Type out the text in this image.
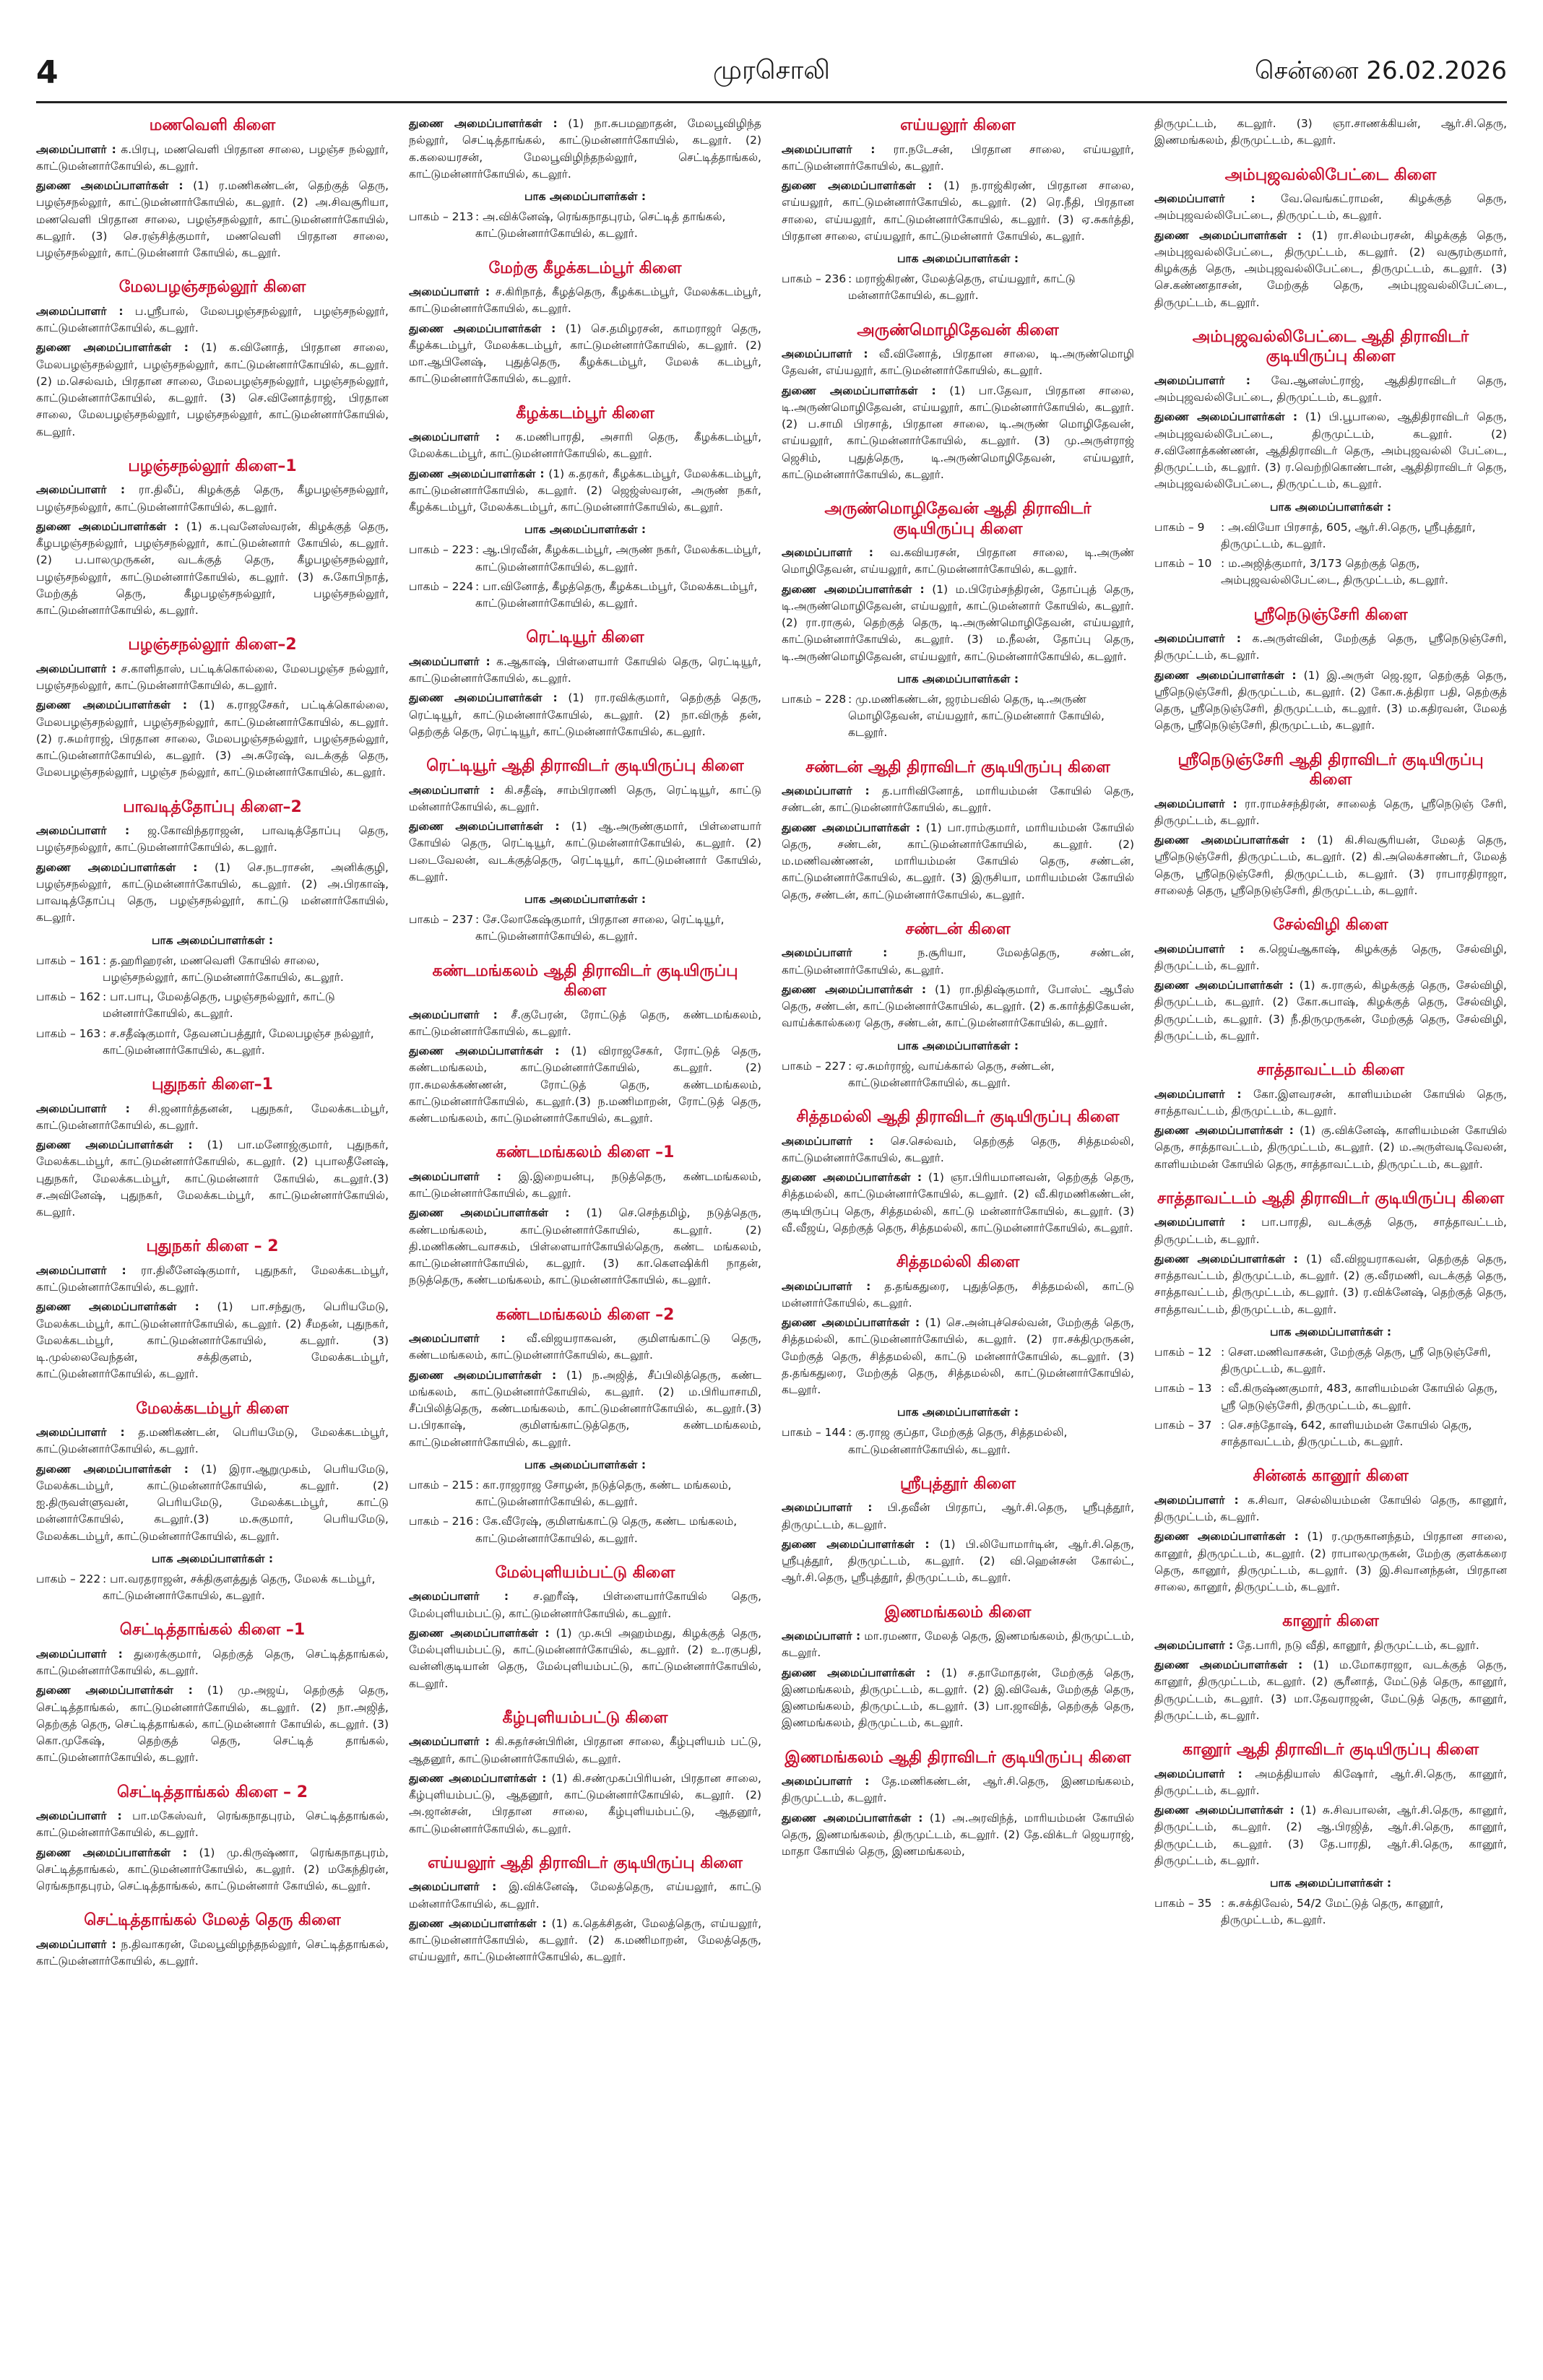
4	முரசொலி	சென்னை 26.02.2026
மணவெளி கிளை
அமைப்பாளர் : க.பிரபு, மணவெளி பிரதான சாலை, பழஞ்ச நல்லூர், காட்டுமன்னார்கோயில், கடலூர்.
துணை அமைப்பாளர்கள் : (1) ர.மணிகண்டன், தெற்குத் தெரு, பழஞ்சநல்லூர், காட்டுமன்னார்கோயில், கடலூர். (2) அ.சிவசூரியா, மணவெளி பிரதான சாலை, பழஞ்சநல்லூர், காட்டுமன்னார்கோயில், கடலூர். (3) செ.ரஞ்சித்குமார், மணவெளி பிரதான சாலை, பழஞ்சநல்லூர், காட்டுமன்னார் கோயில், கடலூர்.
மேலபழஞ்சநல்லூர் கிளை
அமைப்பாளர் : ப.ஸ்ரீபால், மேலபழஞ்சநல்லூர், பழஞ்சநல்லூர், காட்டுமன்னார்கோயில், கடலூர்.
துணை அமைப்பாளர்கள் : (1) க.வினோத், பிரதான சாலை, மேலபழஞ்சநல்லூர், பழஞ்சநல்லூர், காட்டுமன்னார்கோயில், கடலூர். (2) ம.செல்வம், பிரதான சாலை, மேலபழஞ்சநல்லூர், பழஞ்சநல்லூர், காட்டுமன்னார்கோயில், கடலூர். (3) செ.வினோத்ராஜ், பிரதான சாலை, மேலபழஞ்சநல்லூர், பழஞ்சநல்லூர், காட்டுமன்னார்கோயில், கடலூர்.
பழஞ்சநல்லூர் கிளை–1
அமைப்பாளர் : ரா.திலீப், கிழக்குத் தெரு, கீழபழஞ்சநல்லூர், பழஞ்சநல்லூர், காட்டுமன்னார்கோயில், கடலூர்.
துணை அமைப்பாளர்கள் : (1) க.புவனேஸ்வரன், கிழக்குத் தெரு, கீழபழஞ்சநல்லூர், பழஞ்சநல்லூர், காட்டுமன்னார் கோயில், கடலூர். (2) ப.பாலமுருகன், வடக்குத் தெரு, கீழபழஞ்சநல்லூர், பழஞ்சநல்லூர், காட்டுமன்னார்கோயில், கடலூர். (3) சு.கோபிநாத், மேற்குத் தெரு, கீழபழஞ்சநல்லூர், பழஞ்சநல்லூர், காட்டுமன்னார்கோயில், கடலூர்.
பழஞ்சநல்லூர் கிளை–2
அமைப்பாளர் : ச.காளிதாஸ், பட்டிக்கொல்லை, மேலபழஞ்ச நல்லூர், பழஞ்சநல்லூர், காட்டுமன்னார்கோயில், கடலூர்.
துணை அமைப்பாளர்கள் : (1) க.ராஜசேகர், பட்டிக்கொல்லை, மேலபழஞ்சநல்லூர், பழஞ்சநல்லூர், காட்டுமன்னார்கோயில், கடலூர். (2) ர.சுமர்ராஜ், பிரதான சாலை, மேலபழஞ்சநல்லூர், பழஞ்சநல்லூர், காட்டுமன்னார்கோயில், கடலூர். (3) அ.சுரேஷ், வடக்குத் தெரு, மேலபழஞ்சநல்லூர், பழஞ்ச நல்லூர், காட்டுமன்னார்கோயில், கடலூர்.
பாவடித்தோப்பு கிளை–2
அமைப்பாளர் : ஜ.கோவிந்தராஜன், பாவடித்தோப்பு தெரு, பழஞ்சநல்லூர், காட்டுமன்னார்கோயில், கடலூர்.
துணை அமைப்பாளர்கள் : (1) செ.நடராசன், அனிக்குழி, பழஞ்சநல்லூர், காட்டுமன்னார்கோயில், கடலூர். (2) அ.பிரகாஷ், பாவடித்தோப்பு தெரு, பழஞ்சநல்லூர், காட்டு மன்னார்கோயில், கடலூர்.
பாக அமைப்பாளர்கள் :
பாகம் – 161 : த.ஹரிஹரன், மணவெளி கோயில் சாலை, பழஞ்சநல்லூர், காட்டுமன்னார்கோயில், கடலூர்.
பாகம் – 162 : பா.பாபு, மேலத்தெரு, பழஞ்சநல்லூர், காட்டு மன்னார்கோயில், கடலூர்.
பாகம் – 163 : ச.சதீஷ்குமார், தேவனப்பத்தூர், மேலபழஞ்ச நல்லூர், காட்டுமன்னார்கோயில், கடலூர்.
புதுநகர் கிளை–1
அமைப்பாளர் : சி.ஜனார்த்தனன், புதுநகர், மேலக்கடம்பூர், காட்டுமன்னார்கோயில், கடலூர்.
துணை அமைப்பாளர்கள் : (1) பா.மனோஜ்குமார், புதுநகர், மேலக்கடம்பூர், காட்டுமன்னார்கோயில், கடலூர். (2) புபாலதீனேஷ், புதுநகர், மேலக்கடம்பூர், காட்டுமன்னார் கோயில், கடலூர்.(3) ச.அவினேஷ், புதுநகர், மேலக்கடம்பூர், காட்டுமன்னார்கோயில், கடலூர்.
புதுநகர் கிளை – 2
அமைப்பாளர் : ரா.திலீனேஷ்குமார், புதுநகர், மேலக்கடம்பூர், காட்டுமன்னார்கோயில், கடலூர்.
துணை அமைப்பாளர்கள் : (1) பா.சந்துரு, பெரியமேடு, மேலக்கடம்பூர், காட்டுமன்னார்கோயில், கடலூர். (2) சீமதன், புதுநகர், மேலக்கடம்பூர், காட்டுமன்னார்கோயில், கடலூர். (3) டி.முல்லைவேந்தன், சக்திகுளம், மேலக்கடம்பூர், காட்டுமன்னார்கோயில், கடலூர்.
மேலக்கடம்பூர் கிளை
அமைப்பாளர் : த.மணிகண்டன், பெரியமேடு, மேலக்கடம்பூர், காட்டுமன்னார்கோயில், கடலூர்.
துணை அமைப்பாளர்கள் : (1) இரா.ஆறுமுகம், பெரியமேடு, மேலக்கடம்பூர், காட்டுமன்னார்கோயில், கடலூர். (2) ஐ.திருவள்ளுவன், பெரியமேடு, மேலக்கடம்பூர், காட்டு மன்னார்கோயில், கடலூர்.(3) ம.சுகுமார், பெரியமேடு, மேலக்கடம்பூர், காட்டுமன்னார்கோயில், கடலூர்.
பாக அமைப்பாளர்கள் :
பாகம் – 222 : பா.வரதராஜன், சக்திகுளத்துத் தெரு, மேலக் கடம்பூர், காட்டுமன்னார்கோயில், கடலூர்.
செட்டித்தாங்கல் கிளை –1
அமைப்பாளர் : துரைக்குமார், தெற்குத் தெரு, செட்டித்தாங்கல், காட்டுமன்னார்கோயில், கடலூர்.
துணை அமைப்பாளர்கள் : (1) மு.அஜய், தெற்குத் தெரு, செட்டித்தாங்கல், காட்டுமன்னார்கோயில், கடலூர். (2) நா.அஜித், தெற்குத் தெரு, செட்டித்தாங்கல், காட்டுமன்னார் கோயில், கடலூர். (3) கொ.முகேஷ், தெற்குத் தெரு, செட்டித் தாங்கல், காட்டுமன்னார்கோயில், கடலூர்.
செட்டித்தாங்கல் கிளை – 2
அமைப்பாளர் : பா.மகேஸ்வர், ரெங்கநாதபுரம், செட்டித்தாங்கல், காட்டுமன்னார்கோயில், கடலூர்.
துணை அமைப்பாளர்கள் : (1) மு.கிருஷ்ணா, ரெங்கநாதபுரம், செட்டித்தாங்கல், காட்டுமன்னார்கோயில், கடலூர். (2) மகேந்திரன், ரெங்கநாதபுரம், செட்டித்தாங்கல், காட்டுமன்னார் கோயில், கடலூர்.
செட்டித்தாங்கல் மேலத் தெரு கிளை
அமைப்பாளர் : ந.திவாகரன், மேலபூவிழந்தநல்லூர், செட்டித்தாங்கல், காட்டுமன்னார்கோயில், கடலூர்.
துணை அமைப்பாளர்கள் : (1) நா.சுபமஹாதன், மேலபூவிழிந்த நல்லூர், செட்டித்தாங்கல், காட்டுமன்னார்கோயில், கடலூர். (2) க.கலையரசன், மேலபூவிழிந்தநல்லூர், செட்டித்தாங்கல், காட்டுமன்னார்கோயில், கடலூர்.
பாக அமைப்பாளர்கள் :
பாகம் – 213 : அ.விக்னேஷ், ரெங்கநாதபுரம், செட்டித் தாங்கல், காட்டுமன்னார்கோயில், கடலூர்.
மேற்கு கீழக்கடம்பூர் கிளை
அமைப்பாளர் : ச.கிரிநாத், கீழத்தெரு, கீழக்கடம்பூர், மேலக்கடம்பூர், காட்டுமன்னார்கோயில், கடலூர்.
துணை அமைப்பாளர்கள் : (1) செ.தமிழரசன், காமராஜர் தெரு, கீழக்கடம்பூர், மேலக்கடம்பூர், காட்டுமன்னார்கோயில், கடலூர். (2) மா.ஆபினேஷ், புதுத்தெரு, கீழக்கடம்பூர், மேலக் கடம்பூர், காட்டுமன்னார்கோயில், கடலூர்.
கீழக்கடம்பூர் கிளை
அமைப்பாளர் : க.மணிபாரதி, அசாரி தெரு, கீழக்கடம்பூர், மேலக்கடம்பூர், காட்டுமன்னார்கோயில், கடலூர்.
துணை அமைப்பாளர்கள் : (1) க.தரகர், கீழக்கடம்பூர், மேலக்கடம்பூர், காட்டுமன்னார்கோயில், கடலூர். (2) ஜெஜ்ஸ்வரன், அருண் நகர், கீழக்கடம்பூர், மேலக்கடம்பூர், காட்டுமன்னார்கோயில், கடலூர்.
பாக அமைப்பாளர்கள் :
பாகம் – 223 : ஆ.பிரவீன், கீழக்கடம்பூர், அருண் நகர், மேலக்கடம்பூர், காட்டுமன்னார்கோயில், கடலூர்.
பாகம் – 224 : பா.வினோத், கீழத்தெரு, கீழக்கடம்பூர், மேலக்கடம்பூர், காட்டுமன்னார்கோயில், கடலூர்.
ரெட்டியூர் கிளை
அமைப்பாளர் : க.ஆகாஷ், பிள்ளையார் கோயில் தெரு, ரெட்டியூர், காட்டுமன்னார்கோயில், கடலூர்.
துணை அமைப்பாளர்கள் : (1) ரா.ரவிக்குமார், தெற்குத் தெரு, ரெட்டியூர், காட்டுமன்னார்கோயில், கடலூர். (2) நா.விருத் தன், தெற்குத் தெரு, ரெட்டியூர், காட்டுமன்னார்கோயில், கடலூர்.
ரெட்டியூர் ஆதி திராவிடர் குடியிருப்பு கிளை
அமைப்பாளர் : கி.சதீஷ், சாம்பிராணி தெரு, ரெட்டியூர், காட்டு மன்னார்கோயில், கடலூர்.
துணை அமைப்பாளர்கள் : (1) ஆ.அருண்குமார், பிள்ளையார் கோயில் தெரு, ரெட்டியூர், காட்டுமன்னார்கோயில், கடலூர். (2) படைவேலன், வடக்குத்தெரு, ரெட்டியூர், காட்டுமன்னார் கோயில், கடலூர்.
பாக அமைப்பாளர்கள் :
பாகம் – 237 : சே.லோகேஷ்குமார், பிரதான சாலை, ரெட்டியூர், காட்டுமன்னார்கோயில், கடலூர்.
கண்டமங்கலம் ஆதி திராவிடர் குடியிருப்பு கிளை
அமைப்பாளர் : சீ.குபேரன், ரோட்டுத் தெரு, கண்டமங்கலம், காட்டுமன்னார்கோயில், கடலூர்.
துணை அமைப்பாளர்கள் : (1) விராஜசேகர், ரோட்டுத் தெரு, கண்டமங்கலம், காட்டுமன்னார்கோயில், கடலூர். (2) ரா.சுமலக்கண்ணன், ரோட்டுத் தெரு, கண்டமங்கலம், காட்டுமன்னார்கோயில், கடலூர்.(3) ந.மணிமாறன், ரோட்டுத் தெரு, கண்டமங்கலம், காட்டுமன்னார்கோயில், கடலூர்.
கண்டமங்கலம் கிளை –1
அமைப்பாளர் : இ.இறையன்பு, நடுத்தெரு, கண்டமங்கலம், காட்டுமன்னார்கோயில், கடலூர்.
துணை அமைப்பாளர்கள் : (1) செ.செந்தமிழ், நடுத்தெரு, கண்டமங்கலம், காட்டுமன்னார்கோயில், கடலூர். (2) தி.மணிகண்டவாசகம், பிள்ளையார்கோயில்தெரு, கண்ட மங்கலம், காட்டுமன்னார்கோயில், கடலூர். (3) கா.கௌஷிக்ரி நாதன், நடுத்தெரு, கண்டமங்கலம், காட்டுமன்னார்கோயில், கடலூர்.
கண்டமங்கலம் கிளை –2
அமைப்பாளர் : வீ.விஜயராகவன், குமிளங்காட்டு தெரு, கண்டமங்கலம், காட்டுமன்னார்கோயில், கடலூர்.
துணை அமைப்பாளர்கள் : (1) ந.அஜித், சீப்பிலித்தெரு, கண்ட மங்கலம், காட்டுமன்னார்கோயில், கடலூர். (2) ம.பிரியாசாமி, சீப்பிலித்தெரு, கண்டமங்கலம், காட்டுமன்னார்கோயில், கடலூர்.(3) ப.பிரகாஷ், குமிளங்காட்டுத்தெரு, கண்டமங்கலம், காட்டுமன்னார்கோயில், கடலூர்.
பாக அமைப்பாளர்கள் :
பாகம் – 215 : கா.ராஜராஜ சோழன், நடுத்தெரு, கண்ட மங்கலம், காட்டுமன்னார்கோயில், கடலூர்.
பாகம் – 216 : கே.வீரேஷ், குமிளங்காட்டு தெரு, கண்ட மங்கலம், காட்டுமன்னார்கோயில், கடலூர்.
மேல்புளியம்பட்டு கிளை
அமைப்பாளர் : ச.ஹரீஷ், பிள்ளையார்கோயில் தெரு, மேல்புளியம்பட்டு, காட்டுமன்னார்கோயில், கடலூர்.
துணை அமைப்பாளர்கள் : (1) மு.சுபி அஹம்மது, கிழக்குத் தெரு, மேல்புளியம்பட்டு, காட்டுமன்னார்கோயில், கடலூர். (2) உ.ரகுபதி, வன்னிகுடியான் தெரு, மேல்புளியம்பட்டு, காட்டுமன்னார்கோயில், கடலூர்.
கீழ்புளியம்பட்டு கிளை
அமைப்பாளர் : கி.சுதர்சன்பிரின், பிரதான சாலை, கீழ்புளியம் பட்டு, ஆதனூர், காட்டுமன்னார்கோயில், கடலூர்.
துணை அமைப்பாளர்கள் : (1) கி.சண்முகப்பிரியன், பிரதான சாலை, கீழ்புளியம்பட்டு, ஆதனூர், காட்டுமன்னார்கோயில், கடலூர். (2) அ.ஜான்சன், பிரதான சாலை, கீழ்புளியம்பட்டு, ஆதனூர், காட்டுமன்னார்கோயில், கடலூர்.
எய்யலூர் ஆதி திராவிடர் குடியிருப்பு கிளை
அமைப்பாளர் : இ.விக்னேஷ், மேலத்தெரு, எய்யலூர், காட்டு மன்னார்கோயில், கடலூர்.
துணை அமைப்பாளர்கள் : (1) க.தெக்சிதன், மேலத்தெரு, எய்யலூர், காட்டுமன்னார்கோயில், கடலூர். (2) க.மணிமாறன், மேலத்தெரு, எய்யலூர், காட்டுமன்னார்கோயில், கடலூர்.
எய்யலூர் கிளை
அமைப்பாளர் : ரா.நடேசன், பிரதான சாலை, எய்யலூர், காட்டுமன்னார்கோயில், கடலூர்.
துணை அமைப்பாளர்கள் : (1) ந.ராஜ்கிரண், பிரதான சாலை, எய்யலூர், காட்டுமன்னார்கோயில், கடலூர். (2) ரெ.நீதி, பிரதான சாலை, எய்யலூர், காட்டுமன்னார்கோயில், கடலூர். (3) ஏ.சுகர்த்தி, பிரதான சாலை, எய்யலூர், காட்டுமன்னார் கோயில், கடலூர்.
பாக அமைப்பாளர்கள் :
பாகம் – 236 : மராஜ்கிரண், மேலத்தெரு, எய்யலூர், காட்டு மன்னார்கோயில், கடலூர்.
அருண்மொழிதேவன் கிளை
அமைப்பாளர் : வீ.வினோத், பிரதான சாலை, டி.அருண்மொழி தேவன், எய்யலூர், காட்டுமன்னார்கோயில், கடலூர்.
துணை அமைப்பாளர்கள் : (1) பா.தேவா, பிரதான சாலை, டி.அருண்மொழிதேவன், எய்யலூர், காட்டுமன்னார்கோயில், கடலூர். (2) ப.சாமி பிரசாத், பிரதான சாலை, டி.அருண் மொழிதேவன், எய்யலூர், காட்டுமன்னார்கோயில், கடலூர். (3) மு.அருள்ராஜ் ஜெசிம், புதுத்தெரு, டி.அருண்மொழிதேவன், எய்யலூர், காட்டுமன்னார்கோயில், கடலூர்.
அருண்மொழிதேவன் ஆதி திராவிடர் குடியிருப்பு கிளை
அமைப்பாளர் : வ.கவியரசன், பிரதான சாலை, டி.அருண் மொழிதேவன், எய்யலூர், காட்டுமன்னார்கோயில், கடலூர்.
துணை அமைப்பாளர்கள் : (1) ம.பிரேம்சந்திரன், தோப்புத் தெரு, டி.அருண்மொழிதேவன், எய்யலூர், காட்டுமன்னார் கோயில், கடலூர். (2) ரா.ராகுல், தெற்குத் தெரு, டி.அருண்மொழிதேவன், எய்யலூர், காட்டுமன்னார்கோயில், கடலூர். (3) ம.நீலன், தோப்பு தெரு, டி.அருண்மொழிதேவன், எய்யலூர், காட்டுமன்னார்கோயில், கடலூர்.
பாக அமைப்பாளர்கள் :
பாகம் – 228 : மு.மணிகண்டன், ஜரம்பவில் தெரு, டி.அருண் மொழிதேவன், எய்யலூர், காட்டுமன்னார் கோயில், கடலூர்.
சண்டன் ஆதி திராவிடர் குடியிருப்பு கிளை
அமைப்பாளர் : த.பாரிவினோத், மாரியம்மன் கோயில் தெரு, சண்டன், காட்டுமன்னார்கோயில், கடலூர்.
துணை அமைப்பாளர்கள் : (1) பா.ராம்குமார், மாரியம்மன் கோயில் தெரு, சண்டன், காட்டுமன்னார்கோயில், கடலூர். (2) ம.மணிவண்ணன், மாரியம்மன் கோயில் தெரு, சண்டன், காட்டுமன்னார்கோயில், கடலூர். (3) இருசியா, மாரியம்மன் கோயில் தெரு, சண்டன், காட்டுமன்னார்கோயில், கடலூர்.
சண்டன் கிளை
அமைப்பாளர் :	ந.சூரியா, மேலத்தெரு, சண்டன், காட்டுமன்னார்கோயில், கடலூர்.
துணை அமைப்பாளர்கள் : (1) ரா.நிதிஷ்குமார், போஸ்ட் ஆபீஸ் தெரு, சண்டன், காட்டுமன்னார்கோயில், கடலூர். (2) க.கார்த்திகேயன், வாய்க்கால்கரை தெரு, சண்டன், காட்டுமன்னார்கோயில், கடலூர்.
பாக அமைப்பாளர்கள் :
பாகம் – 227 : ஏ.சுமர்ராஜ், வாய்க்கால் தெரு, சண்டன், காட்டுமன்னார்கோயில், கடலூர்.
சித்தமல்லி ஆதி திராவிடர் குடியிருப்பு கிளை
அமைப்பாளர் : செ.செல்வம், தெற்குத் தெரு, சித்தமல்லி, காட்டுமன்னார்கோயில், கடலூர்.
துணை அமைப்பாளர்கள் : (1) ஞா.பிரியமானவன், தெற்குத் தெரு, சித்தமல்லி, காட்டுமன்னார்கோயில், கடலூர். (2) வீ.கிரமணிகண்டன், குடியிருப்பு தெரு, சித்தமல்லி, காட்டு மன்னார்கோயில், கடலூர். (3) வீ.வீஜய், தெற்குத் தெரு, சித்தமல்லி, காட்டுமன்னார்கோயில், கடலூர்.
சித்தமல்லி கிளை
அமைப்பாளர் : த.தங்கதுரை, புதுத்தெரு, சித்தமல்லி, காட்டு மன்னார்கோயில், கடலூர்.
துணை அமைப்பாளர்கள் : (1) செ.அன்புச்செல்வன், மேற்குத் தெரு, சித்தமல்லி, காட்டுமன்னார்கோயில், கடலூர். (2) ரா.சக்திமுருகன், மேற்குத் தெரு, சித்தமல்லி, காட்டு மன்னார்கோயில், கடலூர். (3) த.தங்கதுரை, மேற்குத் தெரு, சித்தமல்லி, காட்டுமன்னார்கோயில், கடலூர்.
பாக அமைப்பாளர்கள் :
பாகம் – 144 : கு.ராஜ குப்தா, மேற்குத் தெரு, சித்தமல்லி, காட்டுமன்னார்கோயில், கடலூர்.
ஸ்ரீபுத்தூர் கிளை
அமைப்பாளர் : பி.தவீன் பிரதாப், ஆர்.சி.தெரு, ஸ்ரீபுத்தூர், திருமுட்டம், கடலூர்.
துணை அமைப்பாளர்கள் : (1) பி.லியோமார்டின், ஆர்.சி.தெரு, ஸ்ரீபுத்தூர், திருமுட்டம், கடலூர். (2) வி.ஹென்சன் கோல்ட், ஆர்.சி.தெரு, ஸ்ரீபுத்தூர், திருமுட்டம், கடலூர்.
இணமங்கலம் கிளை
அமைப்பாளர் : மா.ரமணா, மேலத் தெரு, இணமங்கலம், திருமுட்டம், கடலூர்.
துணை அமைப்பாளர்கள் : (1) ச.தாமோதரன், மேற்குத் தெரு, இணமங்கலம், திருமுட்டம், கடலூர். (2) இ.விவேக், மேற்குத் தெரு, இணமங்கலம், திருமுட்டம், கடலூர். (3) பா.ஜாவித், தெற்குத் தெரு, இணமங்கலம், திருமுட்டம், கடலூர்.
இணமங்கலம் ஆதி திராவிடர் குடியிருப்பு கிளை
அமைப்பாளர் : தே.மணிகண்டன், ஆர்.சி.தெரு, இணமங்கலம், திருமுட்டம், கடலூர்.
துணை அமைப்பாளர்கள் : (1) அ.அரவிந்த், மாரியம்மன் கோயில் தெரு, இணமங்கலம், திருமுட்டம், கடலூர். (2) தே.விக்டர் ஜெயராஜ், மாதா கோயில் தெரு, இணமங்கலம்,
திருமுட்டம், கடலூர். (3) ஞா.சாணக்கியன், ஆர்.சி.தெரு, இணமங்கலம், திருமுட்டம், கடலூர்.
அம்புஜவல்லிபேட்டை கிளை
அமைப்பாளர் : வே.வெங்கட்ராமன், கிழக்குத் தெரு, அம்புஜவல்லிபேட்டை, திருமுட்டம், கடலூர்.
துணை அமைப்பாளர்கள் : (1) ரா.சிலம்பரசன், கிழக்குத் தெரு, அம்புஜவல்லிபேட்டை, திருமுட்டம், கடலூர். (2) வசூரம்குமார், கிழக்குத் தெரு, அம்புஜவல்லிபேட்டை, திருமுட்டம், கடலூர். (3) செ.கண்ணதாசன், மேற்குத் தெரு, அம்புஜவல்லிபேட்டை, திருமுட்டம், கடலூர்.
அம்புஜவல்லிபேட்டை ஆதி திராவிடர் குடியிருப்பு கிளை
அமைப்பாளர் : வே.ஆனஸ்ட்ராஜ், ஆதிதிராவிடர் தெரு, அம்புஜவல்லிபேட்டை, திருமுட்டம், கடலூர்.
துணை அமைப்பாளர்கள் : (1) பி.பூபாலை, ஆதிதிராவிடர் தெரு, அம்புஜவல்லிபேட்டை, திருமுட்டம், கடலூர். (2) ச.வினோத்கண்ணன், ஆதிதிராவிடர் தெரு, அம்புஜவல்லி பேட்டை, திருமுட்டம், கடலூர். (3) ர.வெற்றிகொண்டான், ஆதிதிராவிடர் தெரு, அம்புஜவல்லிபேட்டை, திருமுட்டம், கடலூர்.
பாக அமைப்பாளர்கள் :
பாகம் – 9	: அ.வியோ பிரசாத், 605, ஆர்.சி.தெரு, ஸ்ரீபுத்தூர், திருமுட்டம், கடலூர்.
பாகம் – 10 : ம.அஜித்குமார், 3/173 தெற்குத் தெரு, அம்புஜவல்லிபேட்டை, திருமுட்டம், கடலூர்.
ஸ்ரீநெடுஞ்சேரி கிளை
அமைப்பாளர் : க.அருள்வின், மேற்குத் தெரு, ஸ்ரீநெடுஞ்சேரி, திருமுட்டம், கடலூர்.
துணை அமைப்பாளர்கள் : (1) இ.அருள் ஜெ.ஜா, தெற்குத் தெரு, ஸ்ரீநெடுஞ்சேரி, திருமுட்டம், கடலூர். (2) கோ.சு.த்திரா பதி, தெற்குத் தெரு, ஸ்ரீநெடுஞ்சேரி, திருமுட்டம், கடலூர். (3) ம.கதிரவன், மேலத் தெரு, ஸ்ரீநெடுஞ்சேரி, திருமுட்டம், கடலூர்.
ஸ்ரீநெடுஞ்சேரி ஆதி திராவிடர் குடியிருப்பு கிளை
அமைப்பாளர் : ரா.ராமச்சந்திரன், சாலைத் தெரு, ஸ்ரீநெடுஞ் சேரி, திருமுட்டம், கடலூர்.
துணை அமைப்பாளர்கள் : (1) கி.சிவசூரியன், மேலத் தெரு, ஸ்ரீநெடுஞ்சேரி, திருமுட்டம், கடலூர். (2) கி.அலெக்சாண்டர், மேலத் தெரு, ஸ்ரீநெடுஞ்சேரி, திருமுட்டம், கடலூர். (3) ராபாரதிராஜா, சாலைத் தெரு, ஸ்ரீநெடுஞ்சேரி, திருமுட்டம், கடலூர்.
சேல்விழி கிளை
அமைப்பாளர் : க.ஜெய்ஆகாஷ், கிழக்குத் தெரு, சேல்விழி, திருமுட்டம், கடலூர்.
துணை அமைப்பாளர்கள் : (1) சு.ராகுல், கிழக்குத் தெரு, சேல்விழி, திருமுட்டம், கடலூர். (2) கோ.சுபாஷ், கிழக்குத் தெரு, சேல்விழி, திருமுட்டம், கடலூர். (3) நீ.திருமுருகன், மேற்குத் தெரு, சேல்விழி, திருமுட்டம், கடலூர்.
சாத்தாவட்டம் கிளை
அமைப்பாளர் : கோ.இளவரசன், காளியம்மன் கோயில் தெரு, சாத்தாவட்டம், திருமுட்டம், கடலூர்.
துணை அமைப்பாளர்கள் : (1) கு.விக்னேஷ், காளியம்மன் கோயில் தெரு, சாத்தாவட்டம், திருமுட்டம், கடலூர். (2) ம.அருள்வடிவேலன், காளியம்மன் கோயில் தெரு, சாத்தாவட்டம், திருமுட்டம், கடலூர்.
சாத்தாவட்டம் ஆதி திராவிடர் குடியிருப்பு கிளை
அமைப்பாளர் : பா.பாரதி, வடக்குத் தெரு, சாத்தாவட்டம், திருமுட்டம், கடலூர்.
துணை அமைப்பாளர்கள் : (1) வீ.விஜயராகவன், தெற்குத் தெரு, சாத்தாவட்டம், திருமுட்டம், கடலூர். (2) கு.வீரமணி, வடக்குத் தெரு, சாத்தாவட்டம், திருமுட்டம், கடலூர். (3) ர.விக்னேஷ், தெற்குத் தெரு, சாத்தாவட்டம், திருமுட்டம், கடலூர்.
பாக அமைப்பாளர்கள் :
பாகம் – 12 : சௌ.மணிவாசகன், மேற்குத் தெரு, ஸ்ரீ நெடுஞ்சேரி, திருமுட்டம், கடலூர்.
பாகம் – 13 : வீ.கிருஷ்ணகுமார், 483, காளியம்மன் கோயில் தெரு, ஸ்ரீ நெடுஞ்சேரி, திருமுட்டம், கடலூர்.
பாகம் – 37 : செ.சந்தோஷ், 642, காளியம்மன் கோயில் தெரு, சாத்தாவட்டம், திருமுட்டம், கடலூர்.
சின்னக் கானூர் கிளை
அமைப்பாளர் : க.சிவா, செல்லியம்மன் கோயில் தெரு, கானூர், திருமுட்டம், கடலூர்.
துணை அமைப்பாளர்கள் : (1) ர.முருகானந்தம், பிரதான சாலை, கானூர், திருமுட்டம், கடலூர். (2) ராபாலமுருகன், மேற்கு குளக்கரை தெரு, கானூர், திருமுட்டம், கடலூர். (3) இ.சிவானந்தன், பிரதான சாலை, கானூர், திருமுட்டம், கடலூர்.
கானூர் கிளை
அமைப்பாளர் : தே.பாரி, நடு வீதி, கானூர், திருமுட்டம், கடலூர்.
துணை அமைப்பாளர்கள் : (1) ம.மோகராஜா, வடக்குத் தெரு, கானூர், திருமுட்டம், கடலூர். (2) சூரீனாத், மேட்டுத் தெரு, கானூர், திருமுட்டம், கடலூர். (3) மா.தேவராஜன், மேட்டுத் தெரு, கானூர், திருமுட்டம், கடலூர்.
கானூர் ஆதி திராவிடர் குடியிருப்பு கிளை
அமைப்பாளர் : அமத்தியாஸ் கிஷோர், ஆர்.சி.தெரு, கானூர், திருமுட்டம், கடலூர்.
துணை அமைப்பாளர்கள் : (1) சு.சிவபாலன், ஆர்.சி.தெரு, கானூர், திருமுட்டம், கடலூர். (2) ஆ.பிரஜித், ஆர்.சி.தெரு, கானூர், திருமுட்டம், கடலூர். (3) தே.பாரதி, ஆர்.சி.தெரு, கானூர், திருமுட்டம், கடலூர்.
பாக அமைப்பாளர்கள் :
பாகம் – 35 : சு.சக்திவேல், 54/2 மேட்டுத் தெரு, கானூர், திருமுட்டம், கடலூர்.
